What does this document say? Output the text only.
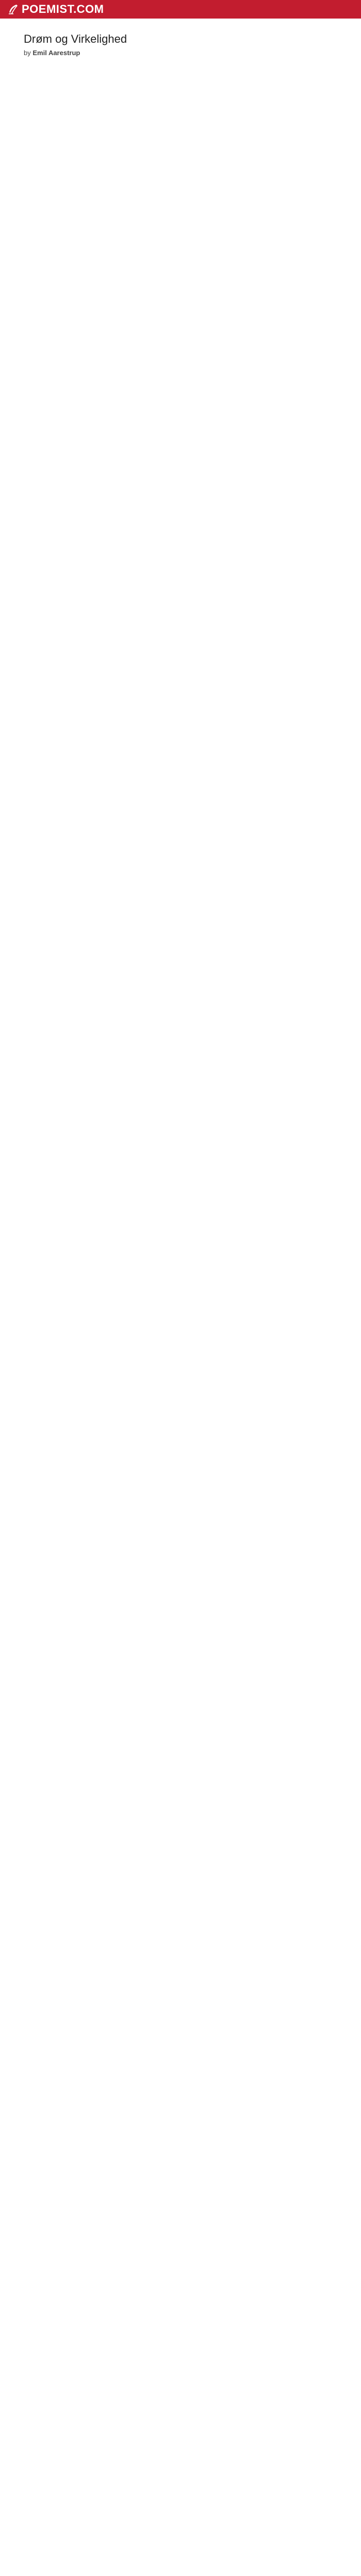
POEMIST.COM
Drøm og Virkelighed
by Emil Aarestrup
